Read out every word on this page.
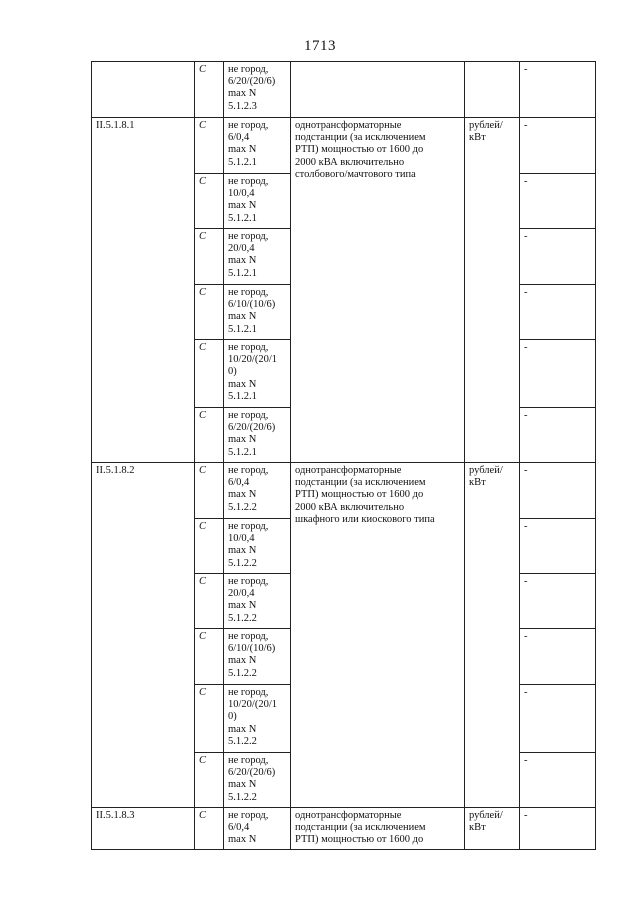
1713
	С	не город,
6/20/(20/6)
max N
5.1.2.3			-
II.5.1.8.1	С	не город,
6/0,4
max N
5.1.2.1	однотрансформаторные
подстанции (за исключением
РТП) мощностью от 1600 до
2000 кВА включительно
столбового/мачтового типа	рублей/
кВт	-
	С	не город,
10/0,4
max N
5.1.2.1			-
	С	не город,
20/0,4
max N
5.1.2.1			-
	С	не город,
6/10/(10/6)
max N
5.1.2.1			-
	С	не город,
10/20/(20/1
0)
max N
5.1.2.1			-
	С	не город,
6/20/(20/6)
max N
5.1.2.1			-
II.5.1.8.2	С	не город,
6/0,4
max N
5.1.2.2	однотрансформаторные
подстанции (за исключением
РТП) мощностью от 1600 до
2000 кВА включительно
шкафного или киоскового типа	рублей/
кВт	-
	С	не город,
10/0,4
max N
5.1.2.2			-
	С	не город,
20/0,4
max N
5.1.2.2			-
	С	не город,
6/10/(10/6)
max N
5.1.2.2			-
	С	не город,
10/20/(20/1
0)
max N
5.1.2.2			-
	С	не город,
6/20/(20/6)
max N
5.1.2.2			-
II.5.1.8.3	С	не город,
6/0,4
max N	однотрансформаторные
подстанции (за исключением
РТП) мощностью от 1600 до	рублей/
кВт	-
